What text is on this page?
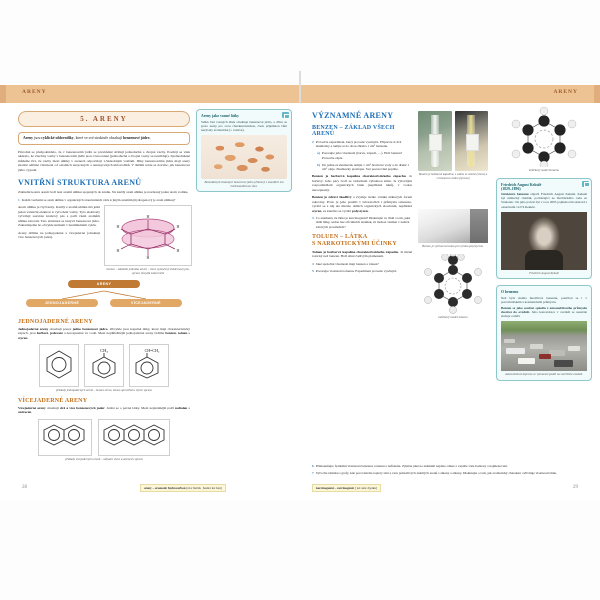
ARENY	ARENY
5. ARENY
Areny jsou cyklické uhlovodíky, které ve své struktuře obsahují benzenové jádro.
Původně se předpokládalo, že v benzenovém jádře se pravidelně střídají jednoduché a dvojné vazby. Později se však ukázalo, že všechny vazby v benzenovém jádře jsou rovnocenné (jednoduché a dvojné vazby se nestřídají). Zjednodušeně můžeme říci, že vazby mezi uhlíky v arenech odpovídají 1,5násobným vazbám. Díky benzenovému jádru mají areny značně odlišné vlastnosti od ostatních nasycených a nenasycených uhlovodíků. V dalším textu se dozvíte, jak benzenové jádro vypadá.
VNITŘNÍ STRUKTURA ARENŮ
Základní kostru arenů tvoří šest atomů uhlíku spojených do kruhu. Na každý atom uhlíku je navázaný jeden atom vodíku.
1 Každá vazbami se atom uhlíku v organických sloučeninách váže k jiným atomům (hydrogenový je atom uhlíku)?
Atom uhlíku je čtyřvazný. Každý z atomů uhlíku má ještě jeden valenční elektron k vytvoření vazby. Tyto elektrony vytvářejí souvisle kruhový pás a patří všem atomům uhlíku zároveň. Tato struktura se nazývá benzenové jádro. Zakreslujeme ho obvykle kruhem v šestiúhelném cyklu.
Areny dělíme na jednojaderné a vícejaderné (obsahují více benzenových jader).
H
H
H
H
H
H
benzen – základní jednotka arenů – vlevo vyznačený elektronový pás, vpravo obvyklá znázornění
ARENY
JEDNOJADERNÉ	VÍCEJADERNÉ
JEDNOJADERNÉ ARENY
Jednojaderné areny obsahují pouze jedno benzenové jádro. Obvykle jsou kapalné látky, které mají charakteristický zápach, jsou hořlavé, jedovaté a nerozpustné ve vodě. Mezi nejdůležitější jednojaderné areny řadíme benzen, toluen a styren.
CH₃	CH=CH₂
příklady jednojaderných arenů – benzen vlevo, toluen uprostřed a styren vpravo
VÍCEJADERNÉ ARENY
Vícejaderné areny obsahují dvě a více benzenových jader. Jedná se o pevné látky. Mezi nejznámější patří naftalen a antracen.
příklady vícejaderných arenů – naftalen vlevo a antracen vpravo
Areny jako vonné látky
Velká část vonných látek obsahuje benzenové jádro, a dříve se proto areny pro svou charakteristickou, často příjemnou vůni nazývaly aromatické (= voňavé).
Benzaldehyd obsahující benzenové jádro přítomný v mandlích má hořkomandlovou vůni.
28	areny – aromatic hydrocarbon [ærəˈmætɪk ˌhaɪdrəˈkɑːbən]
VÝZNAMNÉ ARENY
BENZEN – ZÁKLAD VŠECH ARENŮ
2 Proveďte experiment, který provede vyučující. Připravte si dvě zkumavky a nalijte si do obou zhruba 1 cm³ benzenu.
a) Pozorujte jeho vlastnosti (barvu, zápach, …). Hoří benzen? Proveďte zápis.
b) Do jedné ze zkumavek nalijte 1 cm³ bromové vody a do druhé 1 cm³ oleje. Zkumavky protřepte. Své pozorování popište.
Benzen je bezbarvá kapalina charakteristického zápachu. Je hořlavý. Jeho páry tvoří se vzduchem výbušnou směs. Je výborným rozpouštědlem organických látek (například tuků), v vodou nerozpustný.
Benzen je zdraví škodlivý a zvyšuje riziko vzniku některých forem rakoviny. Proto je jeho použití v laboratořích i průmyslu omezeno, vyrábí se z něj ale mnoho dalších organických sloučenin, například styren, ze kterého se vyrábí polystyren.
3 Co znamená, že látka je karcinogenní? Diskutujte ve třídě o tom, jaké další látky, sadou bez oficiálních známek, že mohou vznikat v našich zdravých prostředích?
TOLUEN – LÁTKA
S NARKOTICKÝMI ÚČINKY
Toluen je bezbarvá kapalina charakteristického zápachu. Je méně toxický než benzen. Hoří silně čadivým plamenem.
4 Jaké společné vlastnosti mají benzen a toluen?
5 Pozorujte vlastnosti toluenu. Experiment provede vyučující.
Benzen je bezbarvá kapalina, s vodou se nemísí (vlevo) a s bromovou vodou (vpravo)
Benzen je výchozí surovina pro výrobu polystyrenu.
kuličkový model toluenu
kuličkový model benzenu
Friedrich August Kekulé
(1829–1896)
Strukturu benzenu objevil Friedrich August Kekulé. Kekulé byl německý chemik, pocházející ze šlechtického rodu ze Strakonic. Na jeho počest byl v roce 2005 pojmenován asteroid s označením 11274 Kekulé.
Friedrich August Kekulé
O benzenu
Než byla známa škodlivost benzenu, používal se i v potravinářském a kosmetickém průmyslu.
Benzen se jako součást splodin z automobilového průmyslu dostává do ovzduší. Jeho koncentrace v ovzduší se neustále sleduje a měří.
Automobilová doprava se významně podílí na znečištění ovzduší.
6 Přizkoumejte fyzikální vlastnosti benzenu, toluenu a naftalenu. Zjistěte jaké na známém najdete odkaz a vepište vaše hodnoty a nejmenovaní.
7 Vytvořte tabulku s grafy, kde porovnáváte teploty tání a varu jednotlivých známých arenů s alkany a alkeny. Diskutujte o tom, jak aromatický charakter ovlivňuje vlastnosti látek.
29
karcinogenní – carcinogenic [ˌkɑːsɪnəˈdʒenɪk]
